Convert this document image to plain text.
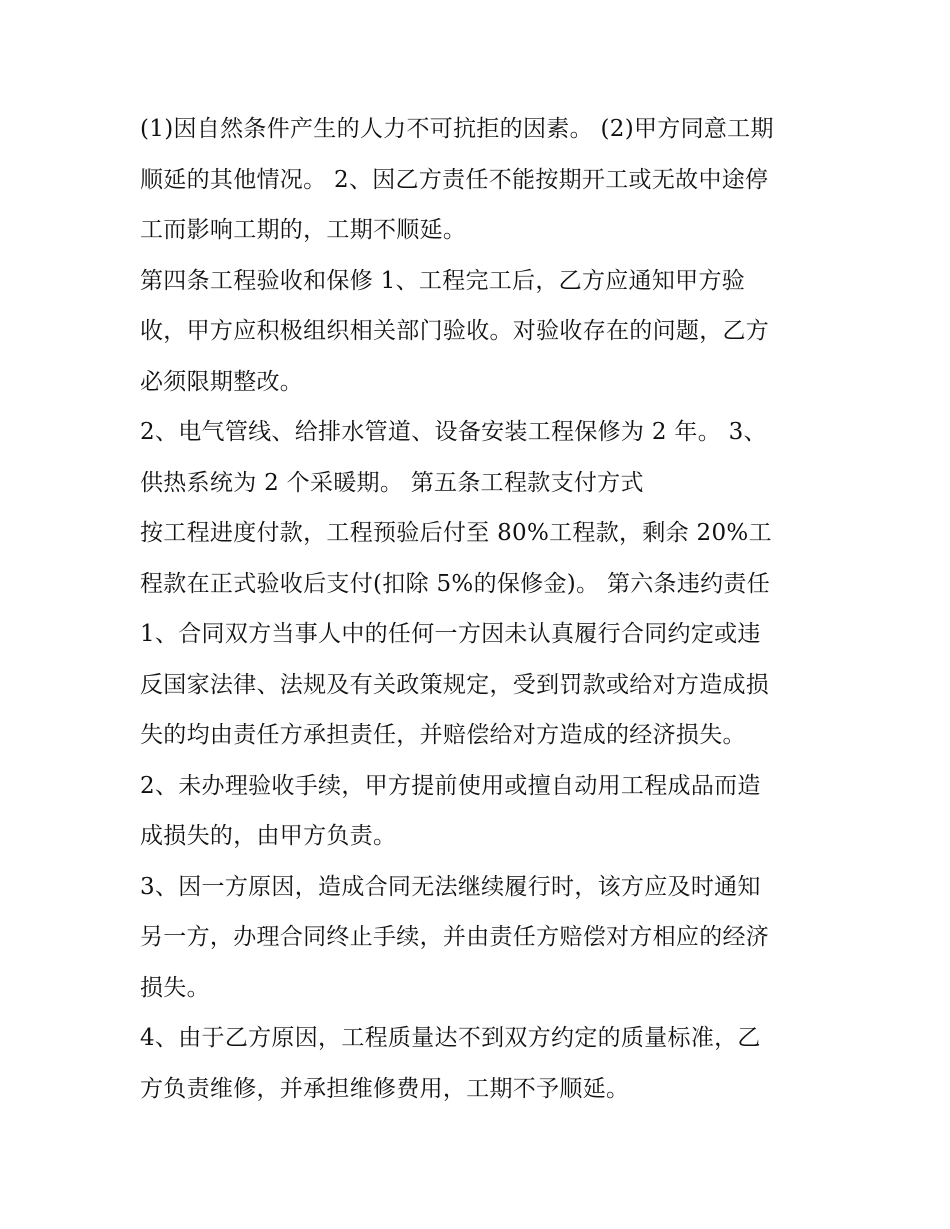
(1)因自然条件产生的人力不可抗拒的因素。 (2)甲方同意工期
顺延的其他情况。 2、因乙方责任不能按期开工或无故中途停
工而影响工期的，工期不顺延。
第四条工程验收和保修 1、工程完工后，乙方应通知甲方验
收，甲方应积极组织相关部门验收。对验收存在的问题，乙方
必须限期整改。
2、电气管线、给排水管道、设备安装工程保修为 2 年。 3、
供热系统为 2 个采暖期。 第五条工程款支付方式
按工程进度付款，工程预验后付至 80%工程款，剩余 20%工
程款在正式验收后支付(扣除 5%的保修金)。 第六条违约责任
1、合同双方当事人中的任何一方因未认真履行合同约定或违
反国家法律、法规及有关政策规定，受到罚款或给对方造成损
失的均由责任方承担责任，并赔偿给对方造成的经济损失。
2、未办理验收手续，甲方提前使用或擅自动用工程成品而造
成损失的，由甲方负责。
3、因一方原因，造成合同无法继续履行时，该方应及时通知
另一方，办理合同终止手续，并由责任方赔偿对方相应的经济
损失。
4、由于乙方原因，工程质量达不到双方约定的质量标准，乙
方负责维修，并承担维修费用，工期不予顺延。
